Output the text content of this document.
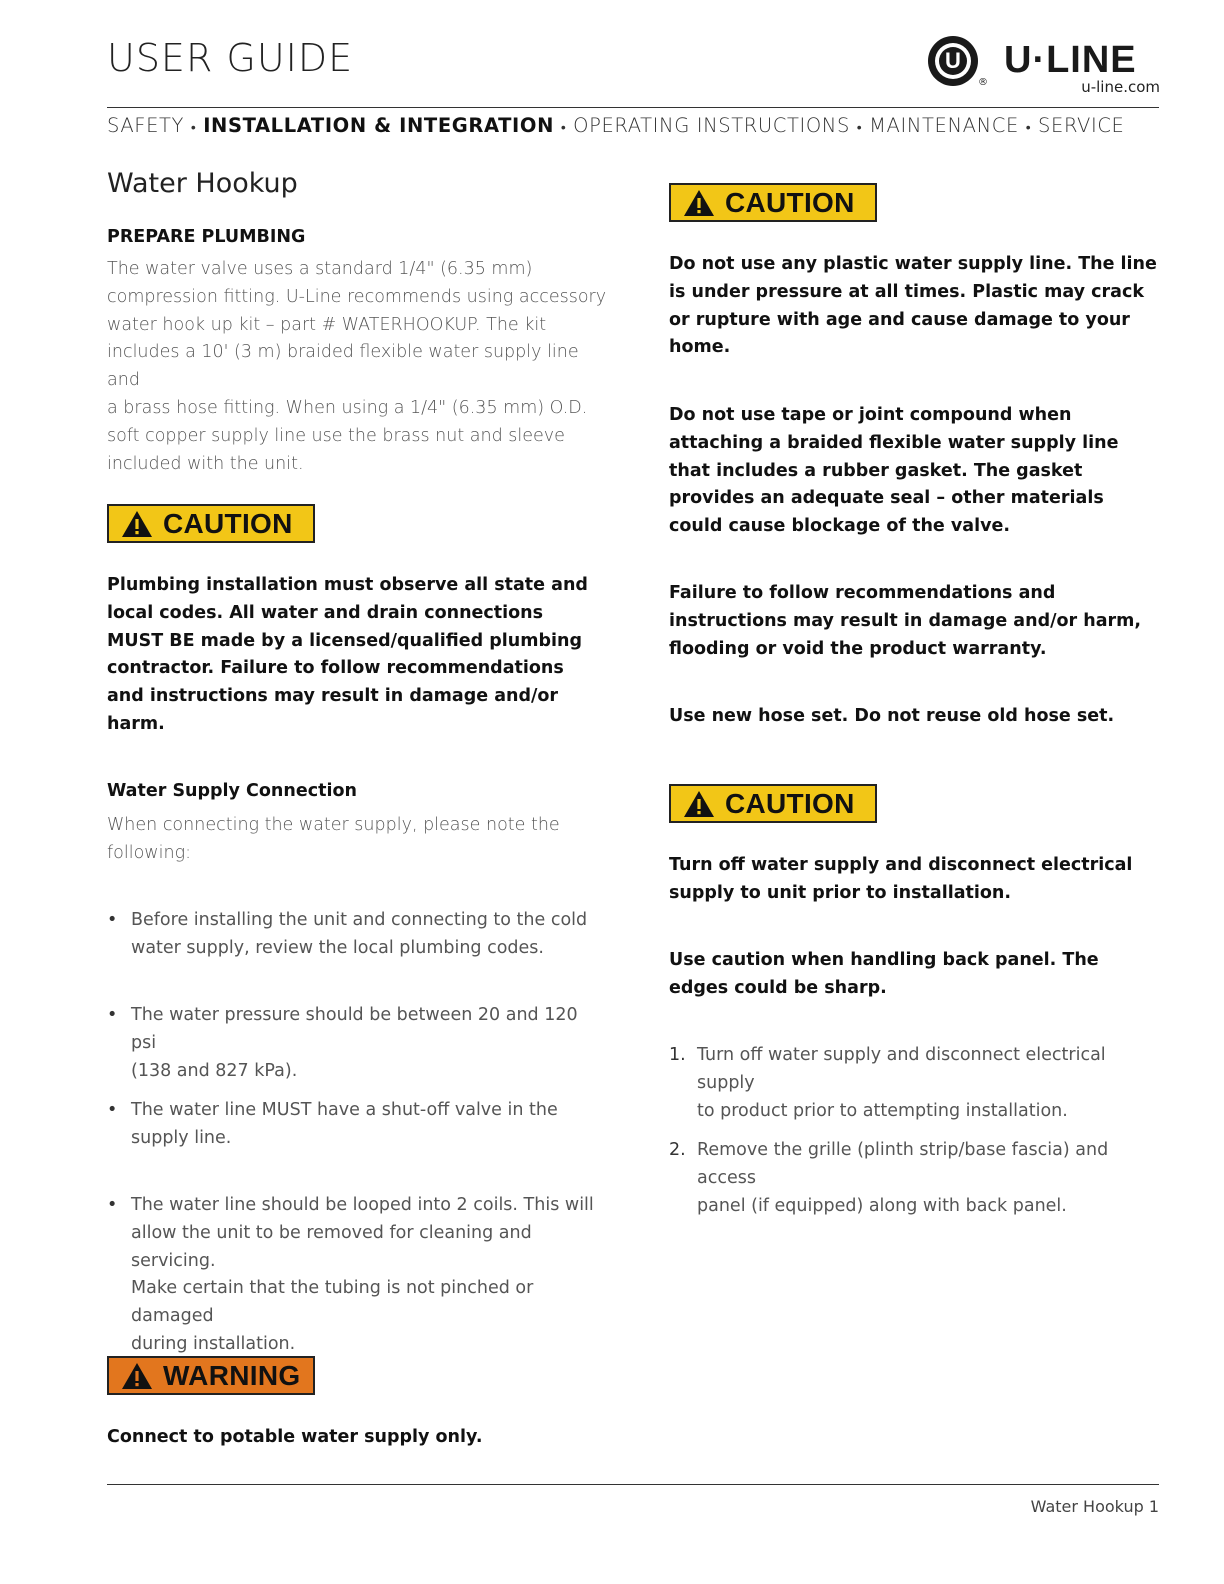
USER GUIDE	U
®
U·LINE
u-line.com
SAFETY • INSTALLATION & INTEGRATION • OPERATING INSTRUCTIONS • MAINTENANCE • SERVICE
Water Hookup
PREPARE PLUMBING
The water valve uses a standard 1/4" (6.35 mm)
compression fitting. U-Line recommends using accessory
water hook up kit – part # WATERHOOKUP. The kit
includes a 10' (3 m) braided flexible water supply line and
a brass hose fitting. When using a 1/4" (6.35 mm) O.D.
soft copper supply line use the brass nut and sleeve
included with the unit.
CAUTION
Plumbing installation must observe all state and
local codes. All water and drain connections
MUST BE made by a licensed/qualified plumbing
contractor. Failure to follow recommendations
and instructions may result in damage and/or
harm.
Water Supply Connection
When connecting the water supply, please note the
following:
• Before installing the unit and connecting to the cold
water supply, review the local plumbing codes.
• The water pressure should be between 20 and 120 psi
(138 and 827 kPa).
• The water line MUST have a shut-off valve in the
supply line.
• The water line should be looped into 2 coils. This will
allow the unit to be removed for cleaning and servicing.
Make certain that the tubing is not pinched or damaged
during installation.
WARNING
Connect to potable water supply only.
CAUTION
Do not use any plastic water supply line. The line
is under pressure at all times. Plastic may crack
or rupture with age and cause damage to your
home.
Do not use tape or joint compound when
attaching a braided flexible water supply line
that includes a rubber gasket. The gasket
provides an adequate seal – other materials
could cause blockage of the valve.
Failure to follow recommendations and
instructions may result in damage and/or harm,
flooding or void the product warranty.
Use new hose set. Do not reuse old hose set.
CAUTION
Turn off water supply and disconnect electrical
supply to unit prior to installation.
Use caution when handling back panel. The
edges could be sharp.
1. Turn off water supply and disconnect electrical supply
to product prior to attempting installation.
2. Remove the grille (plinth strip/base fascia) and access
panel (if equipped) along with back panel.
Water Hookup 1
